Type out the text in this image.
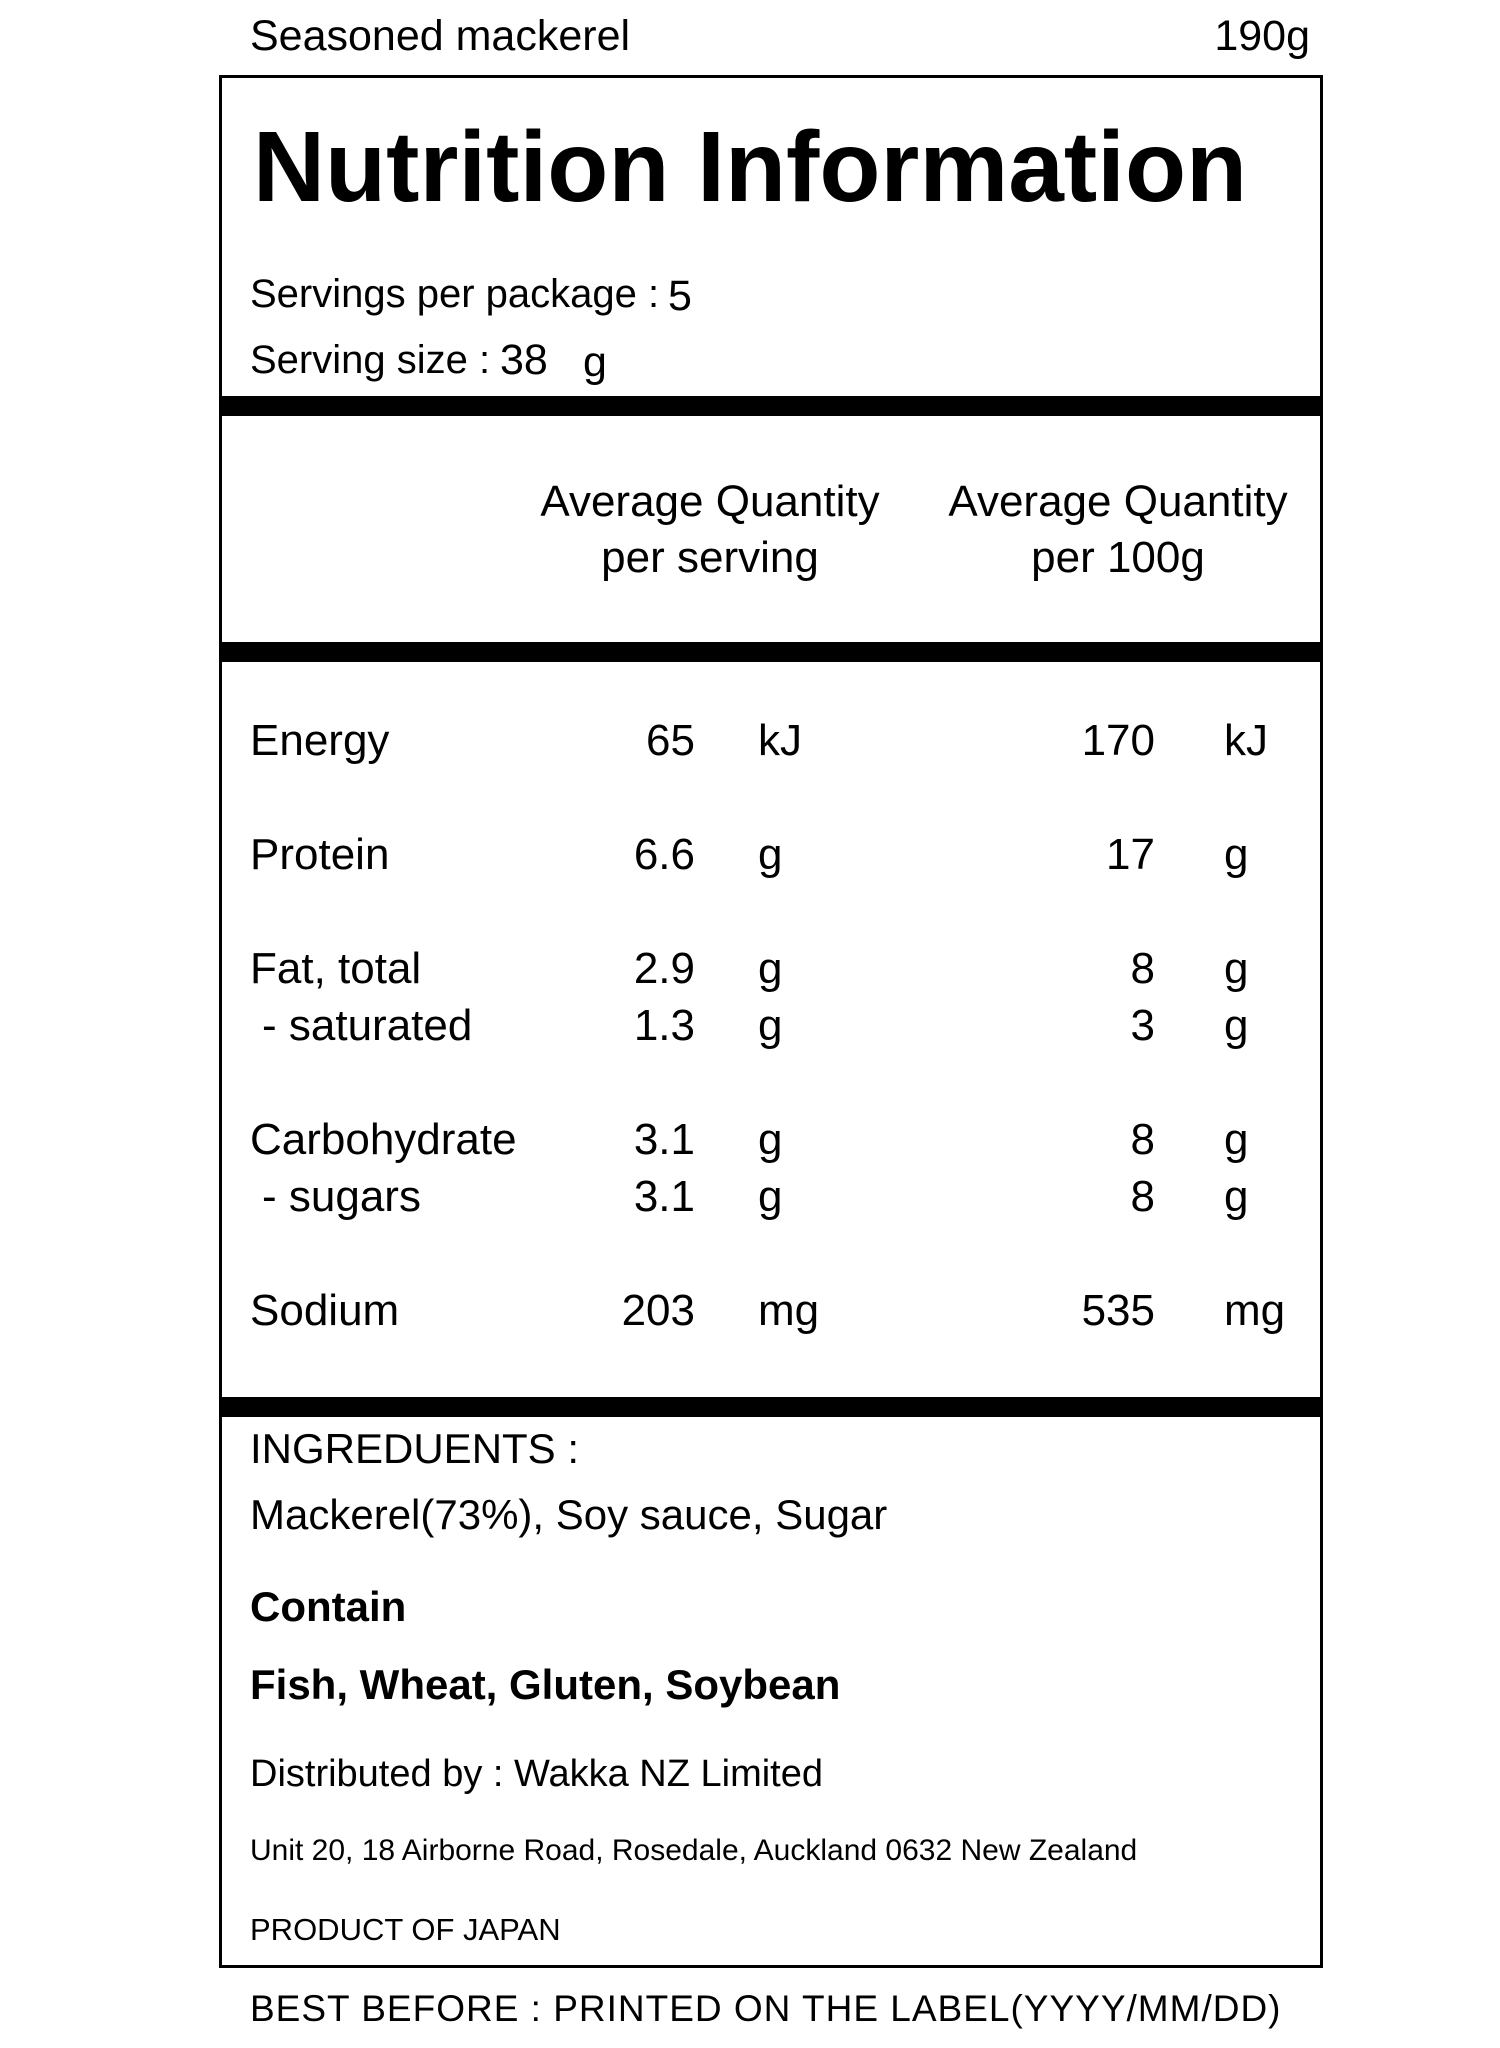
Seasoned mackerel	190g
Nutrition Information
Servings per package : 5
Serving size : 38 g
Average Quantity
per serving
Average Quantity
per 100g
Energy	65 kJ	170 kJ
Protein	6.6 g	17 g
Fat, total	2.9 g	8 g
- saturated	1.3 g	3 g
Carbohydrate	3.1 g	8 g
- sugars	3.1 g	8 g
Sodium	203 mg	535 mg
INGREDUENTS :
Mackerel(73%), Soy sauce, Sugar
Contain
Fish, Wheat, Gluten, Soybean
Distributed by : Wakka NZ Limited
Unit 20, 18 Airborne Road, Rosedale, Auckland 0632 New Zealand
PRODUCT OF JAPAN
BEST BEFORE : PRINTED ON THE LABEL(YYYY/MM/DD)
